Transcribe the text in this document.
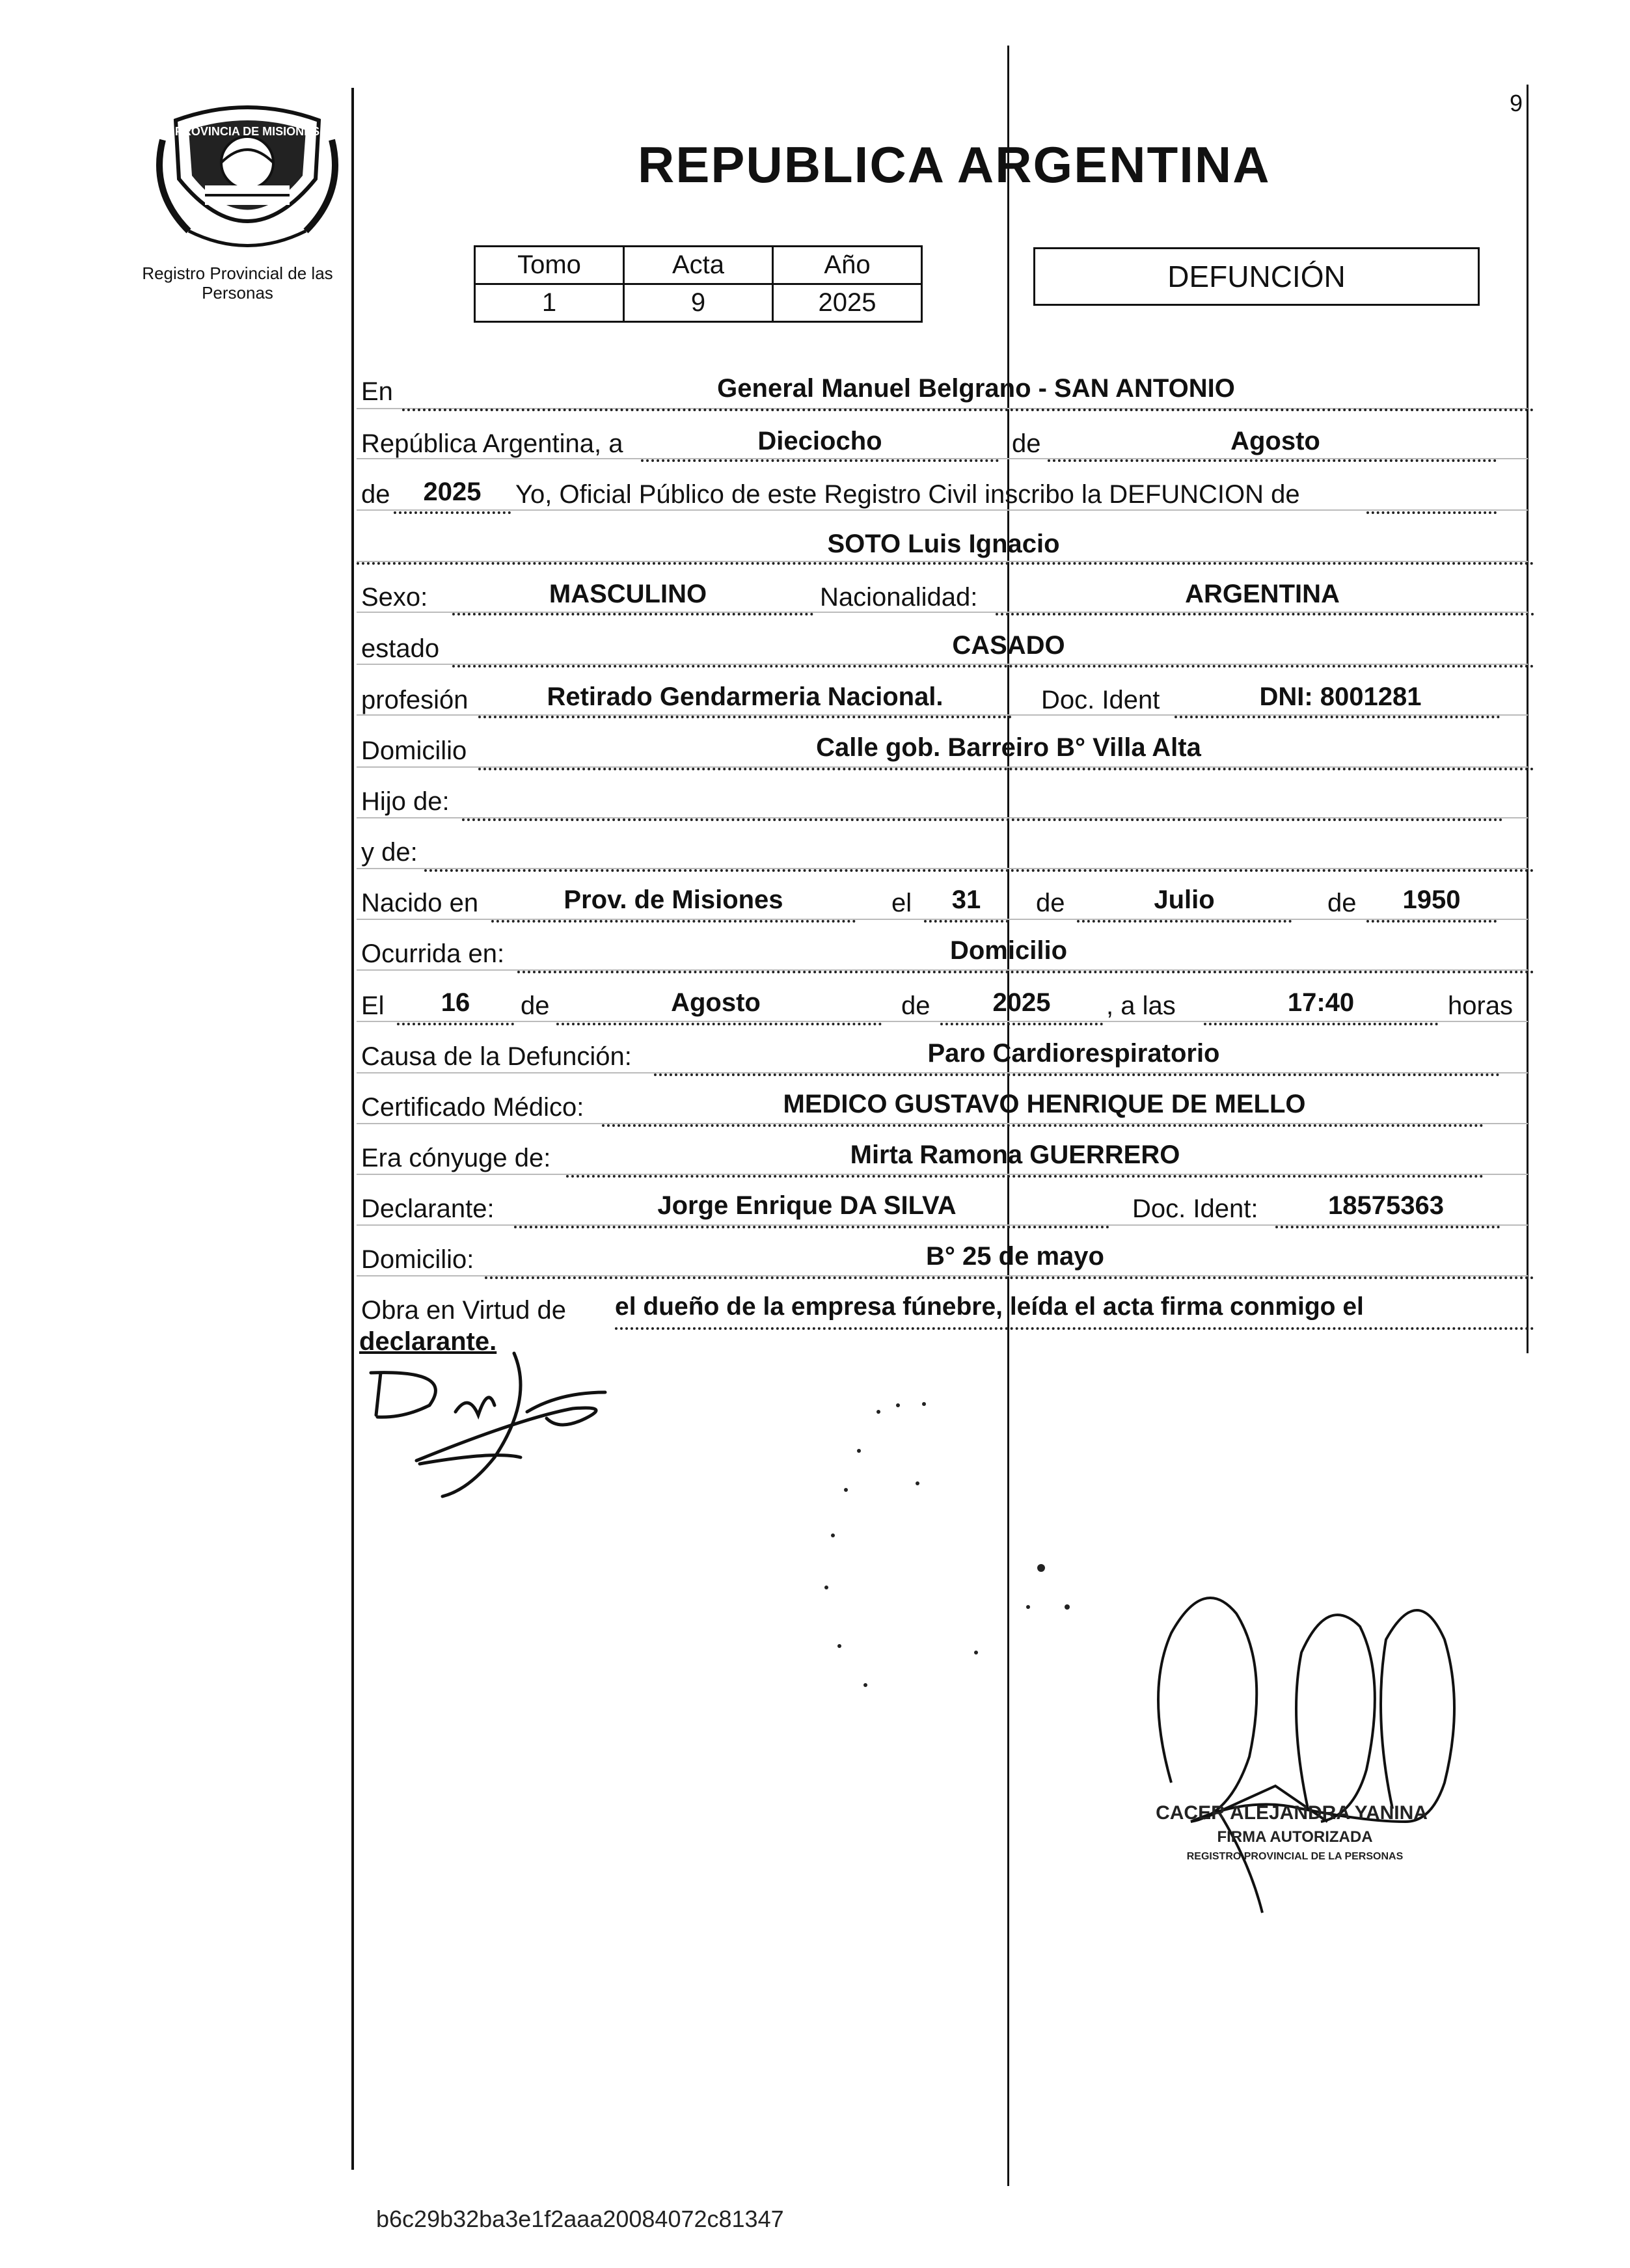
PROVINCIA DE MISIONES
Registro Provincial de las Personas
9
REPUBLICA ARGENTINA
Tomo	Acta	Año
1	9	2025
DEFUNCIÓN
En	General Manuel Belgrano - SAN ANTONIO
República Argentina, a	Dieciocho	de	Agosto
de	2025	Yo, Oficial Público de este Registro Civil inscribo la DEFUNCION de
SOTO Luis Ignacio
Sexo:	MASCULINO	Nacionalidad:	ARGENTINA
estado	CASADO
profesión	Retirado Gendarmeria Nacional.	Doc. Ident	DNI: 8001281
Domicilio	Calle gob. Barreiro B° Villa Alta
Hijo de:
y de:
Nacido en	Prov. de Misiones	el	31	de	Julio	de	1950
Ocurrida en:	Domicilio
El	16	de	Agosto	de	2025	, a las	17:40	horas
Causa de la Defunción:	Paro Cardiorespiratorio
Certificado Médico:	MEDICO GUSTAVO HENRIQUE DE MELLO
Era cónyuge de:	Mirta Ramona GUERRERO
Declarante:	Jorge Enrique DA SILVA	Doc. Ident:	18575363
Domicilio:	B° 25 de mayo
Obra en Virtud de el dueño de la empresa fúnebre, leída el acta firma conmigo el
declarante.
CACER ALEJANDRA YANINA
FIRMA AUTORIZADA
REGISTRO PROVINCIAL DE LA PERSONAS
b6c29b32ba3e1f2aaa20084072c81347
